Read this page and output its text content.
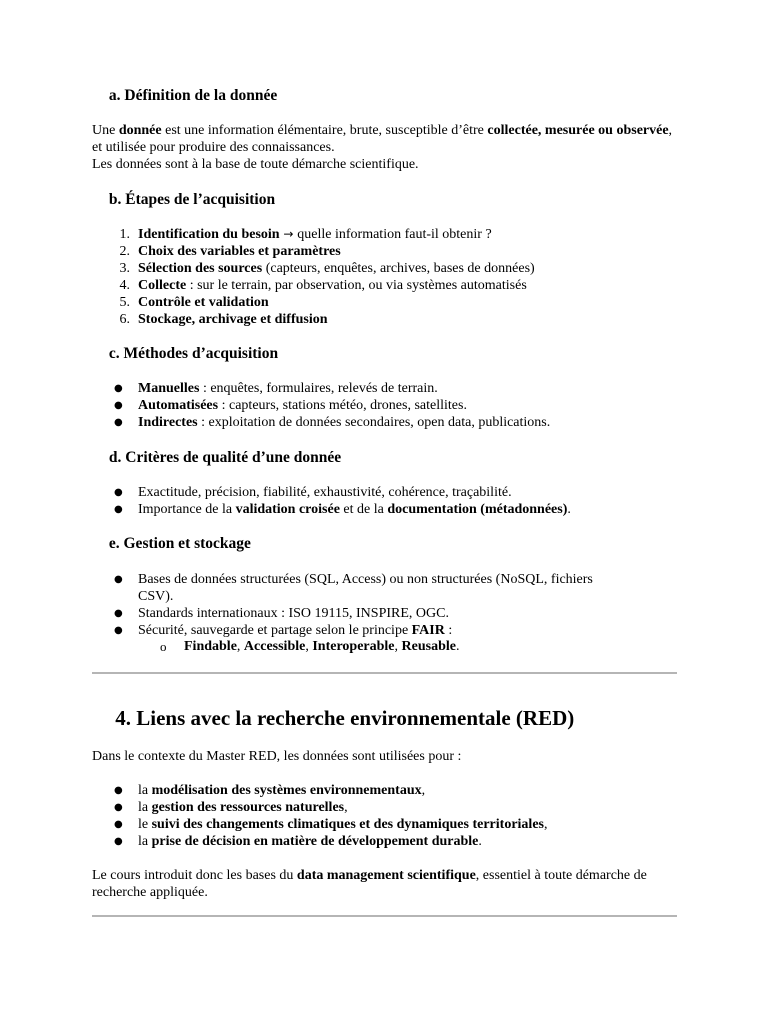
a. Définition de la donnée

Une donnée est une information élémentaire, brute, susceptible d’être collectée, mesurée ou observée, et utilisée pour produire des connaissances.
Les données sont à la base de toute démarche scientifique.

b. Étapes de l’acquisition
1. Identification du besoin → quelle information faut-il obtenir ?
2. Choix des variables et paramètres
3. Sélection des sources (capteurs, enquêtes, archives, bases de données)
4. Collecte : sur le terrain, par observation, ou via systèmes automatisés
5. Contrôle et validation
6. Stockage, archivage et diffusion
c. Méthodes d’acquisition
● Manuelles : enquêtes, formulaires, relevés de terrain.
● Automatisées : capteurs, stations météo, drones, satellites.
● Indirectes : exploitation de données secondaires, open data, publications.
d. Critères de qualité d’une donnée
● Exactitude, précision, fiabilité, exhaustivité, cohérence, traçabilité.
● Importance de la validation croisée et de la documentation (métadonnées).
e. Gestion et stockage
● Bases de données structurées (SQL, Access) ou non structurées (NoSQL, fichiers CSV).
● Standards internationaux : ISO 19115, INSPIRE, OGC.
● Sécurité, sauvegarde et partage selon le principe FAIR :
o Findable, Accessible, Interoperable, Reusable.
4. Liens avec la recherche environnementale (RED)

Dans le contexte du Master RED, les données sont utilisées pour :

● la modélisation des systèmes environnementaux,
● la gestion des ressources naturelles,
● le suivi des changements climatiques et des dynamiques territoriales,
● la prise de décision en matière de développement durable.

Le cours introduit donc les bases du data management scientifique, essentiel à toute démarche de recherche appliquée.
